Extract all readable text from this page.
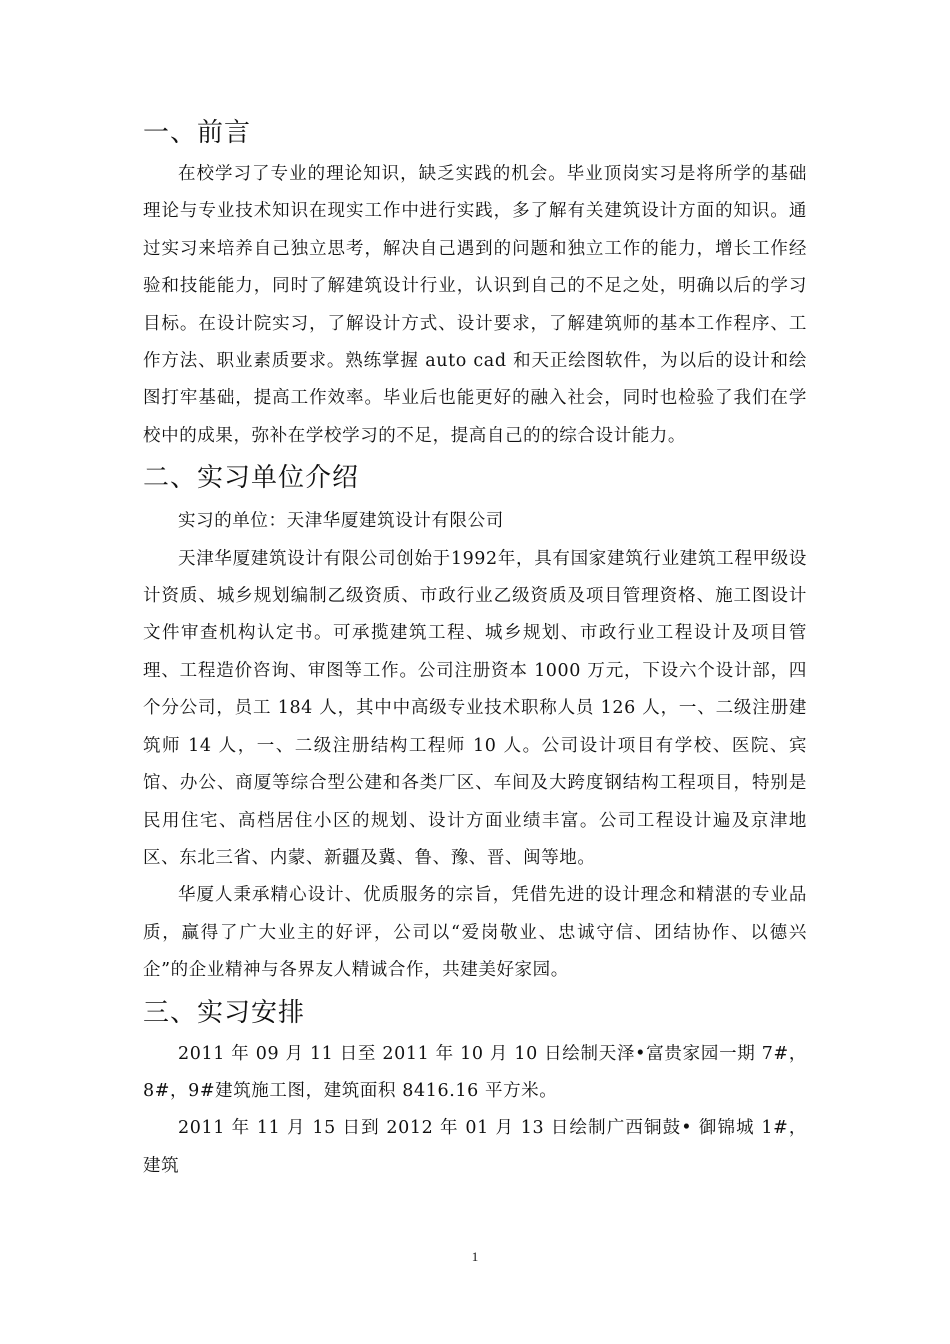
一、前言

在校学习了专业的理论知识，缺乏实践的机会。毕业顶岗实习是将所学的基础理论与专业技术知识在现实工作中进行实践，多了解有关建筑设计方面的知识。通过实习来培养自己独立思考，解决自己遇到的问题和独立工作的能力，增长工作经验和技能能力，同时了解建筑设计行业，认识到自己的不足之处，明确以后的学习目标。在设计院实习，了解设计方式、设计要求，了解建筑师的基本工作程序、工作方法、职业素质要求。熟练掌握 auto cad 和天正绘图软件，为以后的设计和绘图打牢基础，提高工作效率。毕业后也能更好的融入社会，同时也检验了我们在学校中的成果，弥补在学校学习的不足，提高自己的的综合设计能力。

二、实习单位介绍

实习的单位：天津华厦建筑设计有限公司

天津华厦建筑设计有限公司创始于1992年，具有国家建筑行业建筑工程甲级设计资质、城乡规划编制乙级资质、市政行业乙级资质及项目管理资格、施工图设计文件审查机构认定书。可承揽建筑工程、城乡规划、市政行业工程设计及项目管理、工程造价咨询、审图等工作。公司注册资本 1000 万元，下设六个设计部，四个分公司，员工 184 人，其中中高级专业技术职称人员 126 人，一、二级注册建筑师 14 人，一、二级注册结构工程师 10 人。公司设计项目有学校、医院、宾馆、办公、商厦等综合型公建和各类厂区、车间及大跨度钢结构工程项目，特别是民用住宅、高档居住小区的规划、设计方面业绩丰富。公司工程设计遍及京津地区、东北三省、内蒙、新疆及冀、鲁、豫、晋、闽等地。

华厦人秉承精心设计、优质服务的宗旨，凭借先进的设计理念和精湛的专业品质，赢得了广大业主的好评，公司以“爱岗敬业、忠诚守信、团结协作、以德兴企”的企业精神与各界友人精诚合作，共建美好家园。

三、实习安排

2011 年 09 月 11 日至 2011 年 10 月 10 日绘制天泽•富贵家园一期 7#，8#，9#建筑施工图，建筑面积 8416.16 平方米。

2011 年 11 月 15 日到 2012 年 01 月 13 日绘制广西铜鼓• 御锦城 1#，建筑

1
